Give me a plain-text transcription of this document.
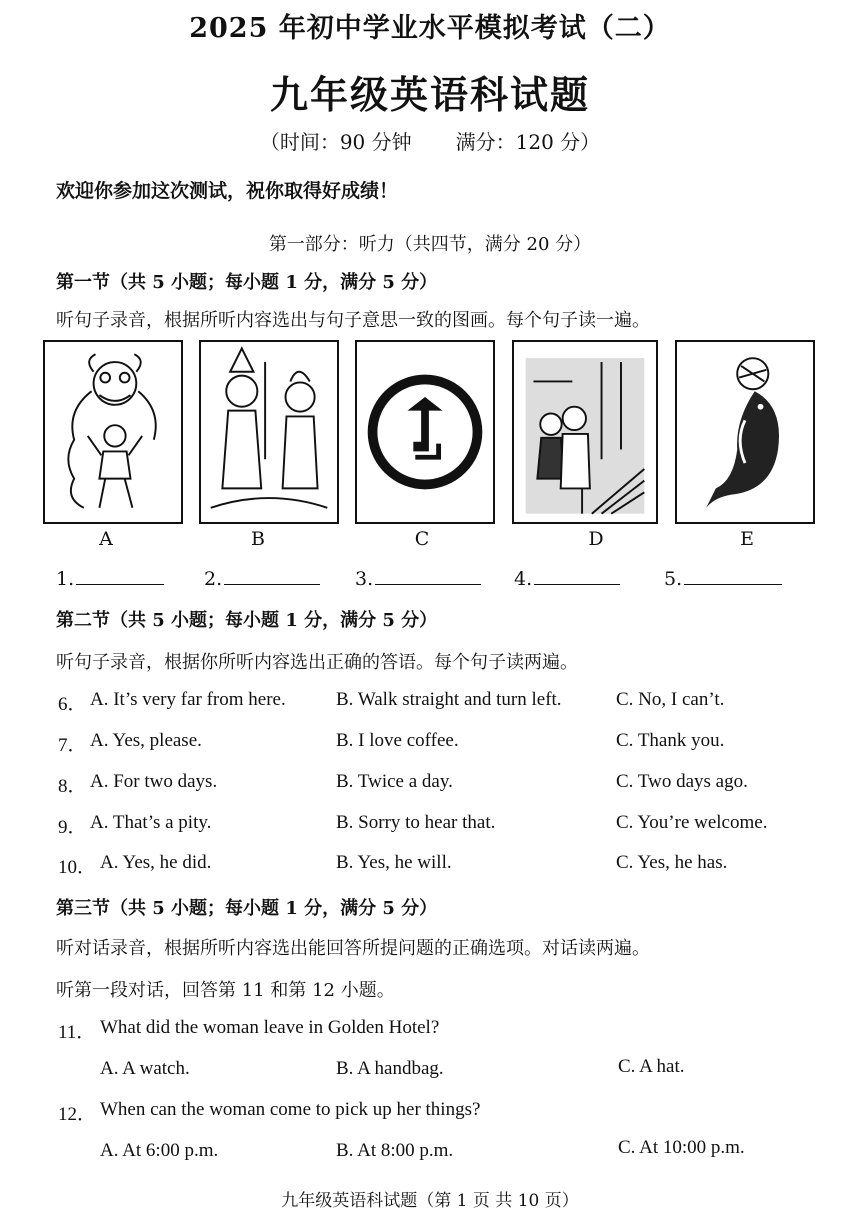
2025 年初中学业水平模拟考试（二）
九年级英语科试题
（时间：90 分钟 满分：120 分）
欢迎你参加这次测试，祝你取得好成绩！
第一部分：听力（共四节，满分 20 分）
第一节（共 5 小题；每小题 1 分，满分 5 分）
听句子录音，根据所听内容选出与句子意思一致的图画。每个句子读一遍。
A	B	C	D	E
1.	2.	3.	4.	5.
第二节（共 5 小题；每小题 1 分，满分 5 分）
听句子录音，根据你所听内容选出正确的答语。每个句子读两遍。
6． A. It’s very far from here.	B. Walk straight and turn left.	C. No, I can’t.
7． A. Yes, please.	B. I love coffee.	C. Thank you.
8． A. For two days.	B. Twice a day.	C. Two days ago.
9． A. That’s a pity.	B. Sorry to hear that.	C. You’re welcome.
10． A. Yes, he did.	B. Yes, he will.	C. Yes, he has.
第三节（共 5 小题；每小题 1 分，满分 5 分）
听对话录音，根据所听内容选出能回答所提问题的正确选项。对话读两遍。
听第一段对话，回答第 11 和第 12 小题。
11． What did the woman leave in Golden Hotel?
A. A watch.	B. A handbag.	C. A hat.
12． When can the woman come to pick up her things?
A. At 6:00 p.m.	B. At 8:00 p.m.	C. At 10:00 p.m.
九年级英语科试题（第 1 页 共 10 页）
